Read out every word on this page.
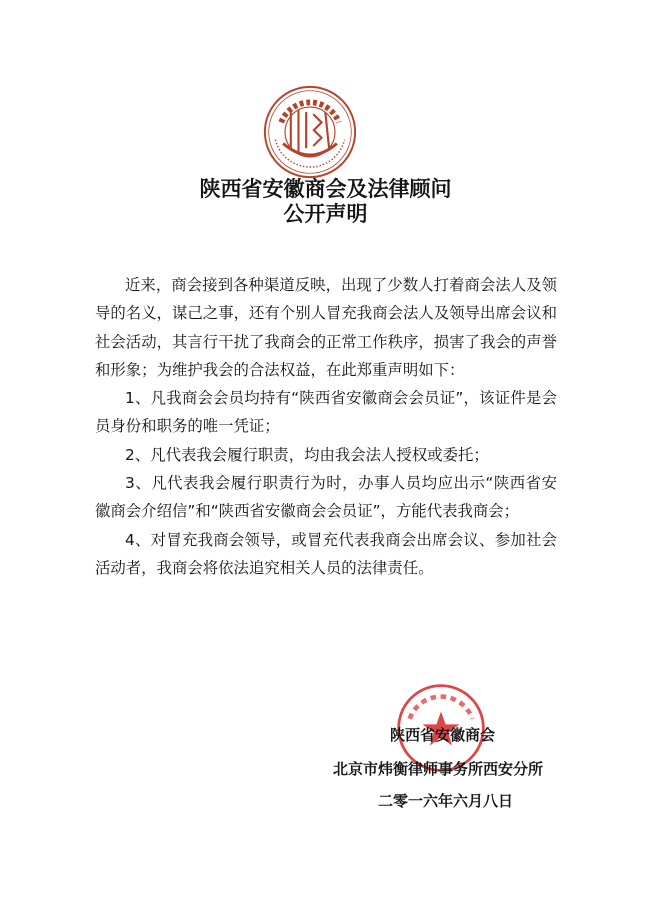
陕西省安徽商会及法律顾问
公开声明

近来，商会接到各种渠道反映，出现了少数人打着商会法人及领导的名义，谋己之事，还有个别人冒充我商会法人及领导出席会议和社会活动，其言行干扰了我商会的正常工作秩序，损害了我会的声誉和形象；为维护我会的合法权益，在此郑重声明如下：

1、凡我商会会员均持有“陕西省安徽商会会员证”，该证件是会员身份和职务的唯一凭证；

2、凡代表我会履行职责，均由我会法人授权或委托；

3、凡代表我会履行职责行为时，办事人员均应出示“陕西省安徽商会介绍信”和“陕西省安徽商会会员证”，方能代表我商会；

4、对冒充我商会领导，或冒充代表我商会出席会议、参加社会活动者，我商会将依法追究相关人员的法律责任。

陕西省安徽商会

北京市炜衡律师事务所西安分所

二零一六年六月八日
